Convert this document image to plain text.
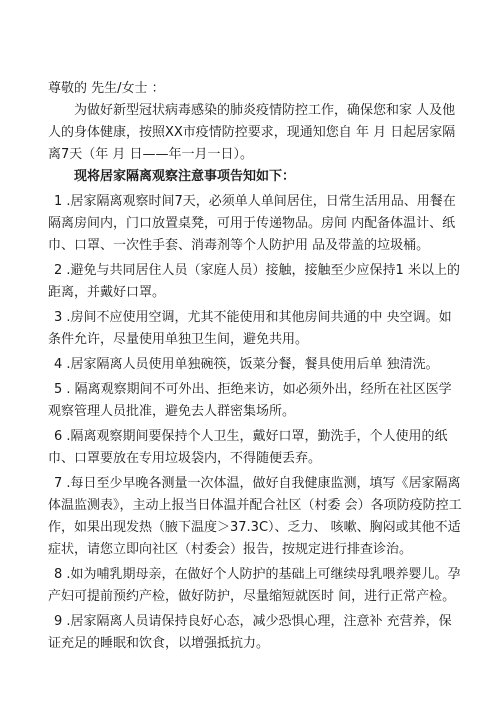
尊敬的 先生/女士 ：

为做好新型冠状病毒感染的肺炎疫情防控工作，确保您和家 人及他人的身体健康，按照XX市疫情防控要求，现通知您自 年 月 日起居家隔离7天（年 月 日——年一月一日）。

现将居家隔离观察注意事项告知如下：

1 .居家隔离观察时间7天，必须单人单间居住，日常生活用品、用餐在隔离房间内，门口放置桌凳，可用于传递物品。房间 内配备体温计、纸巾、口罩、一次性手套、消毒剂等个人防护用 品及带盖的垃圾桶。

2 .避免与共同居住人员（家庭人员）接触，接触至少应保持1 米以上的距离，并戴好口罩。

3 .房间不应使用空调，尤其不能使用和其他房间共通的中 央空调。如条件允许，尽量使用单独卫生间，避免共用。

4 .居家隔离人员使用单独碗筷，饭菜分餐，餐具使用后单 独清洗。

5 . 隔离观察期间不可外出、拒绝来访，如必须外出，经所在社区医学观察管理人员批准，避免去人群密集场所。

6 .隔离观察期间要保持个人卫生，戴好口罩，勤洗手，个人使用的纸巾、口罩要放在专用垃圾袋内，不得随便丢弃。

7 .每日至少早晚各测量一次体温，做好自我健康监测，填写《居家隔离体温监测表》，主动上报当日体温并配合社区（村委 会）各项防疫防控工作，如果出现发热（腋下温度＞37.3C）、乏力、 咳嗽、胸闷或其他不适症状，请您立即向社区（村委会）报告，按规定进行排查诊治。

8 .如为哺乳期母亲，在做好个人防护的基础上可继续母乳喂养婴儿。孕产妇可提前预约产检，做好防护，尽量缩短就医时 间，进行正常产检。

9 .居家隔离人员请保持良好心态，减少恐惧心理，注意补 充营养，保证充足的睡眠和饮食，以增强抵抗力。
